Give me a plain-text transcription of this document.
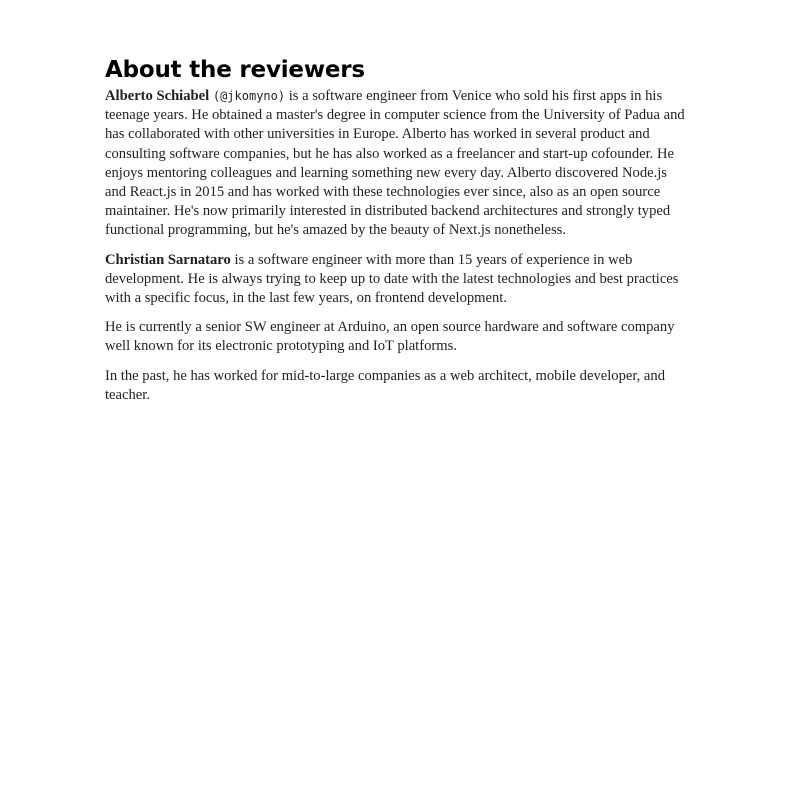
About the reviewers

Alberto Schiabel (@jkomyno) is a software engineer from Venice who sold his first apps in his teenage years. He obtained a master's degree in computer science from the University of Padua and has collaborated with other universities in Europe. Alberto has worked in several product and consulting software companies, but he has also worked as a freelancer and start-up cofounder. He enjoys mentoring colleagues and learning something new every day. Alberto discovered Node.js and React.js in 2015 and has worked with these technologies ever since, also as an open source maintainer. He's now primarily interested in distributed backend architectures and strongly typed functional programming, but he's amazed by the beauty of Next.js nonetheless.

Christian Sarnataro is a software engineer with more than 15 years of experience in web development. He is always trying to keep up to date with the latest technologies and best practices with a specific focus, in the last few years, on frontend development.

He is currently a senior SW engineer at Arduino, an open source hardware and software company well known for its electronic prototyping and IoT platforms.

In the past, he has worked for mid-to-large companies as a web architect, mobile developer, and teacher.
